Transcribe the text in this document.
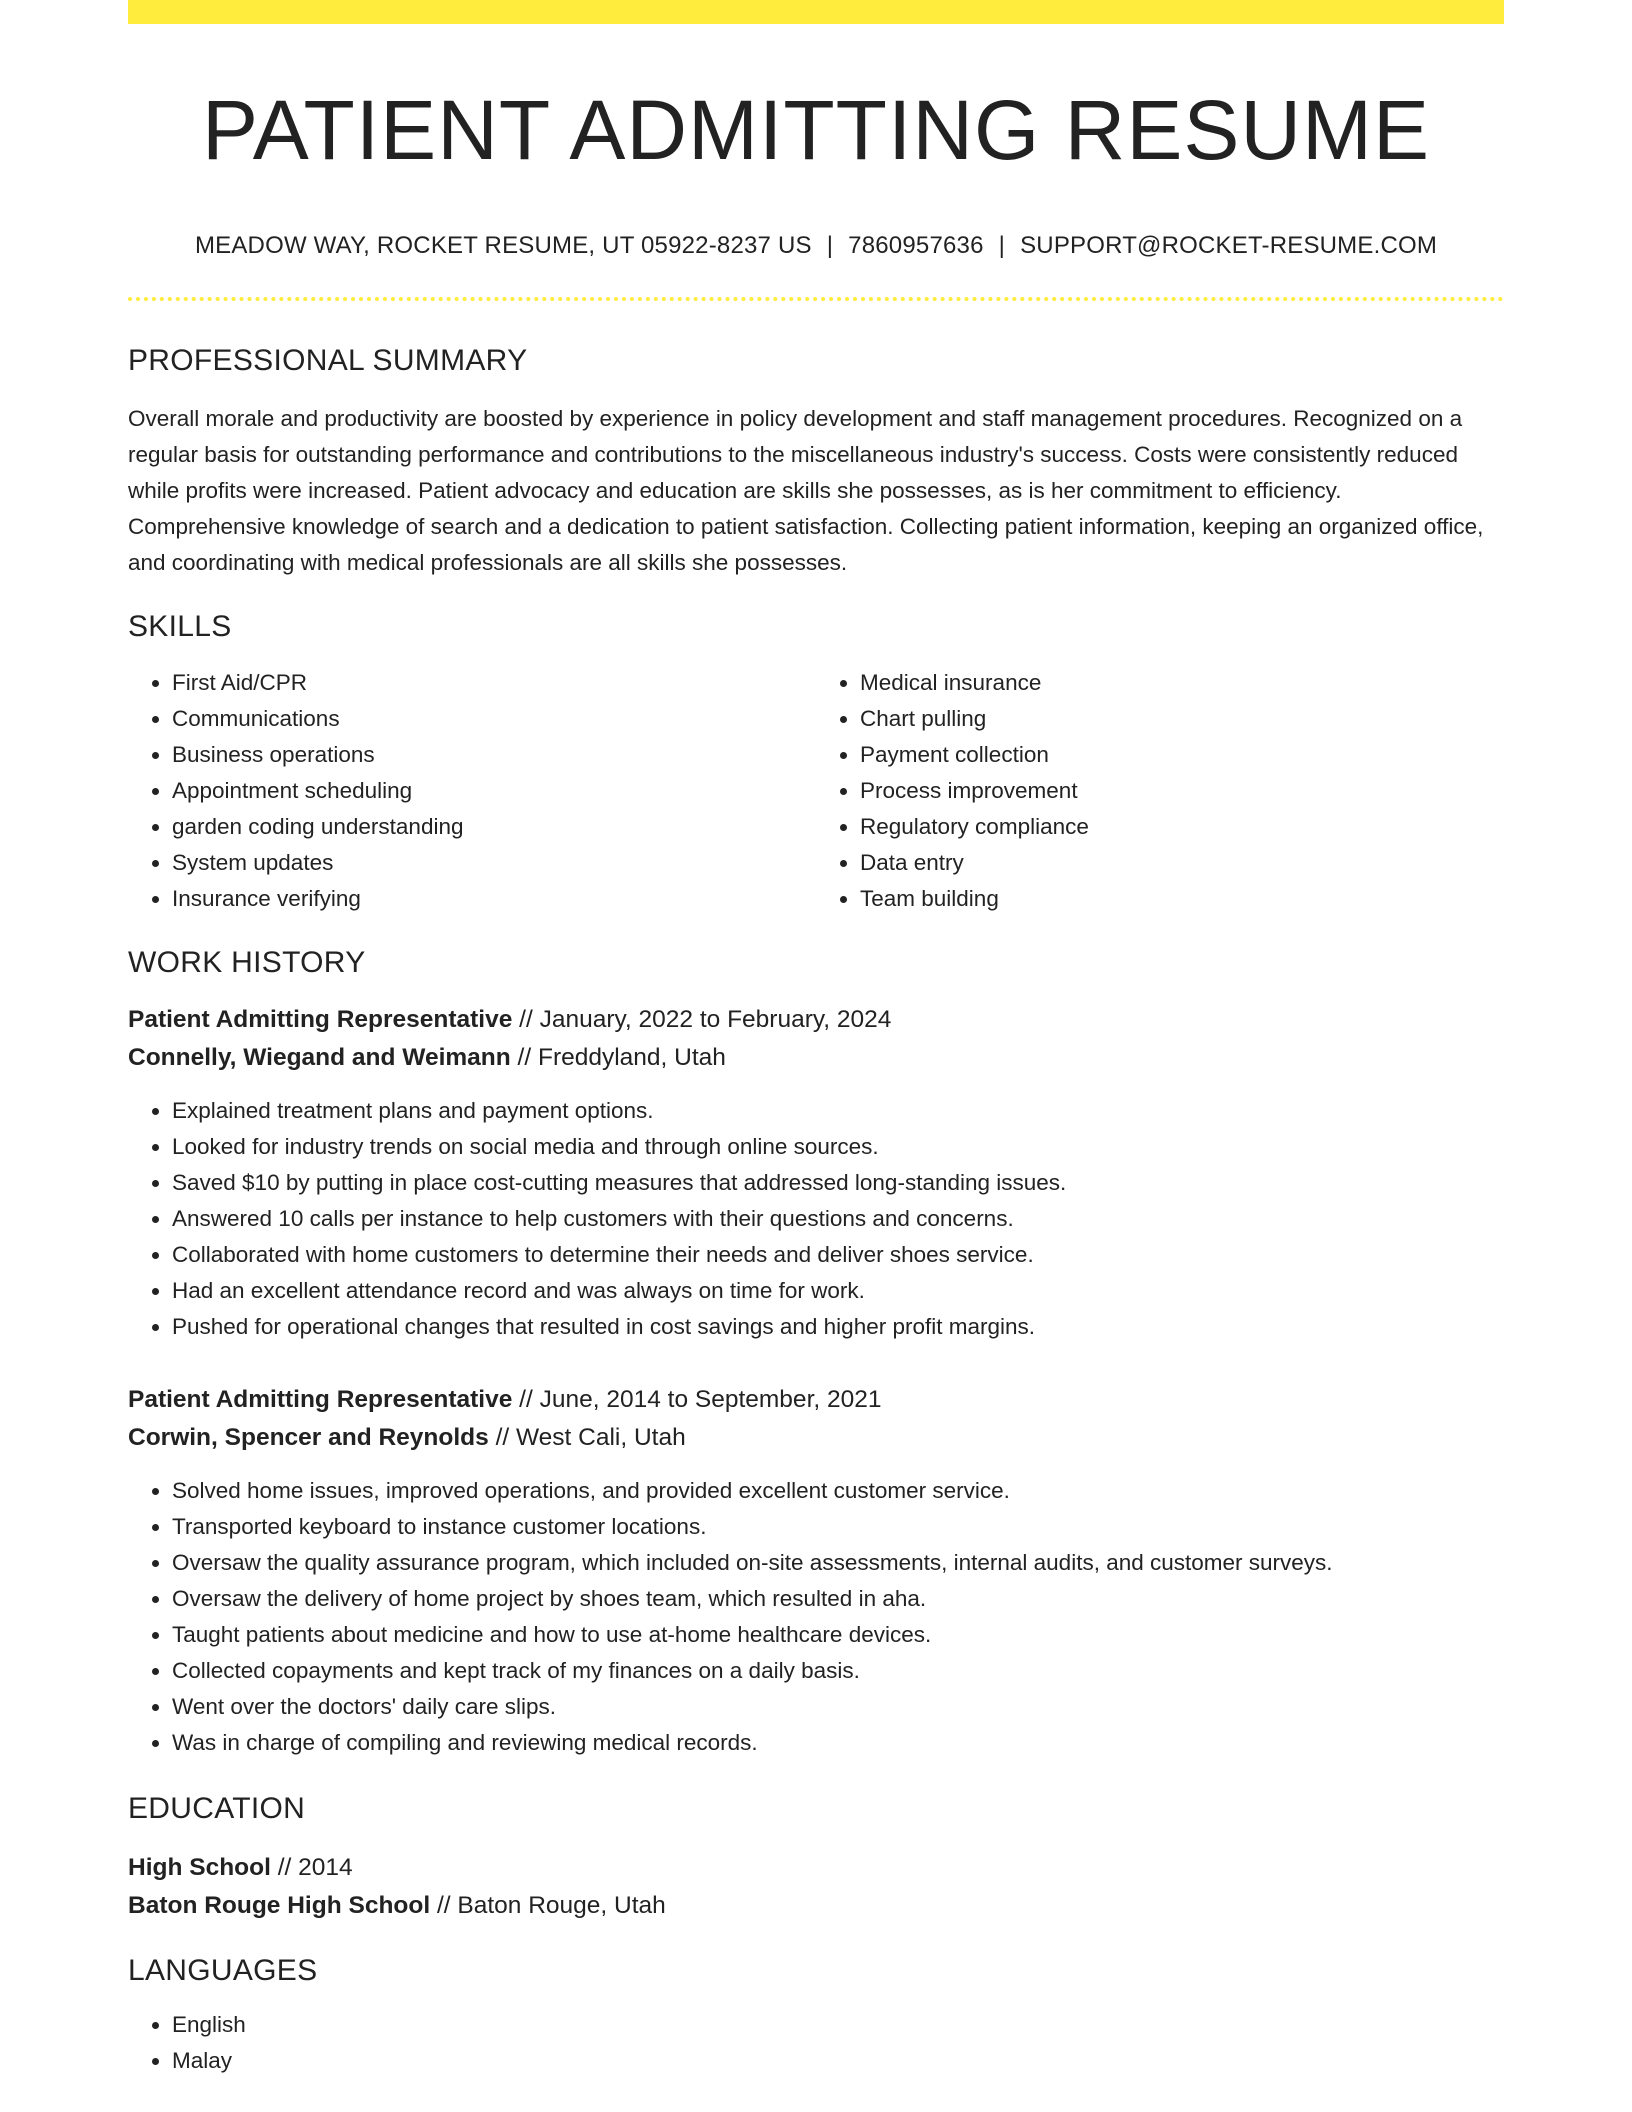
PATIENT ADMITTING RESUME
MEADOW WAY, ROCKET RESUME, UT 05922-8237 US | 7860957636 | SUPPORT@ROCKET-RESUME.COM
PROFESSIONAL SUMMARY

Overall morale and productivity are boosted by experience in policy development and staff management procedures. Recognized on a regular basis for outstanding performance and contributions to the miscellaneous industry's success. Costs were consistently reduced while profits were increased. Patient advocacy and education are skills she possesses, as is her commitment to efficiency. Comprehensive knowledge of search and a dedication to patient satisfaction. Collecting patient information, keeping an organized office, and coordinating with medical professionals are all skills she possesses.

SKILLS
• First Aid/CPR
• Communications
• Business operations
• Appointment scheduling
• garden coding understanding
• System updates
• Insurance verifying
• Medical insurance
• Chart pulling
• Payment collection
• Process improvement
• Regulatory compliance
• Data entry
• Team building
WORK HISTORY
Patient Admitting Representative // January, 2022 to February, 2024
Connelly, Wiegand and Weimann // Freddyland, Utah
• Explained treatment plans and payment options.
• Looked for industry trends on social media and through online sources.
• Saved $10 by putting in place cost-cutting measures that addressed long-standing issues.
• Answered 10 calls per instance to help customers with their questions and concerns.
• Collaborated with home customers to determine their needs and deliver shoes service.
• Had an excellent attendance record and was always on time for work.
• Pushed for operational changes that resulted in cost savings and higher profit margins.
Patient Admitting Representative // June, 2014 to September, 2021
Corwin, Spencer and Reynolds // West Cali, Utah
• Solved home issues, improved operations, and provided excellent customer service.
• Transported keyboard to instance customer locations.
• Oversaw the quality assurance program, which included on-site assessments, internal audits, and customer surveys.
• Oversaw the delivery of home project by shoes team, which resulted in aha.
• Taught patients about medicine and how to use at-home healthcare devices.
• Collected copayments and kept track of my finances on a daily basis.
• Went over the doctors' daily care slips.
• Was in charge of compiling and reviewing medical records.
EDUCATION
High School // 2014
Baton Rouge High School // Baton Rouge, Utah
LANGUAGES
• English
• Malay
